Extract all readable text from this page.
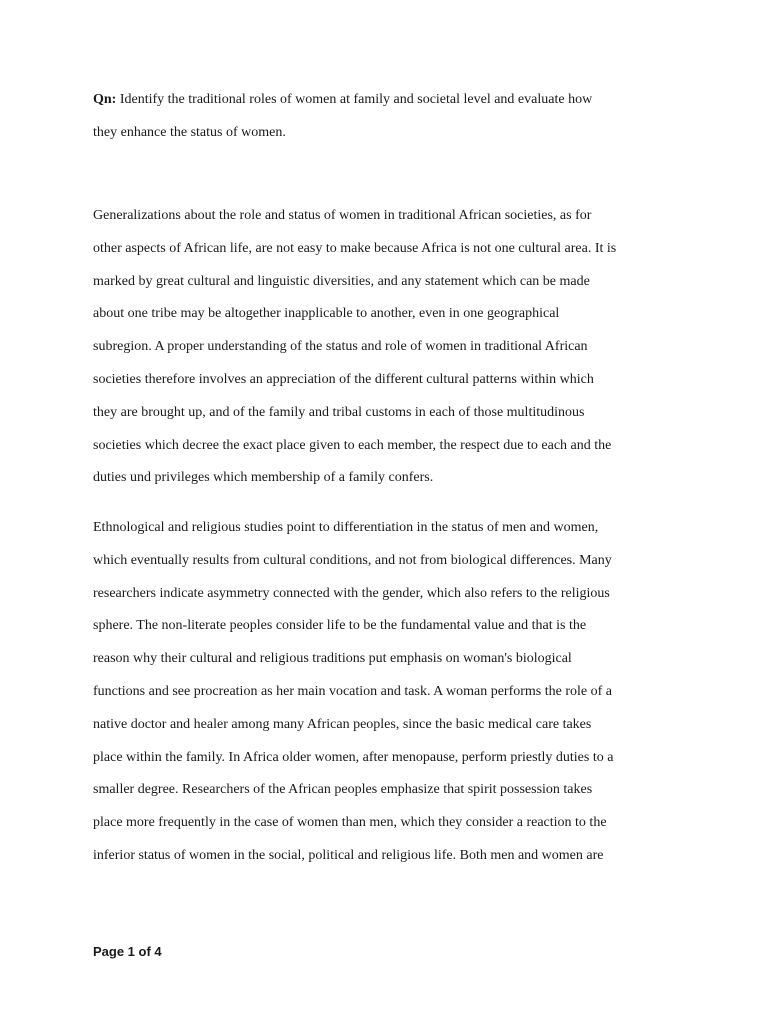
Qn: Identify the traditional roles of women at family and societal level and evaluate how
they enhance the status of women.

Generalizations about the role and status of women in traditional African societies, as for
other aspects of African life, are not easy to make because Africa is not one cultural area. It is
marked by great cultural and linguistic diversities, and any statement which can be made
about one tribe may be altogether inapplicable to another, even in one geographical
subregion. A proper understanding of the status and role of women in traditional African
societies therefore involves an appreciation of the different cultural patterns within which
they are brought up, and of the family and tribal customs in each of those multitudinous
societies which decree the exact place given to each member, the respect due to each and the
duties und privileges which membership of a family confers.

Ethnological and religious studies point to differentiation in the status of men and women,
which eventually results from cultural conditions, and not from biological differences. Many
researchers indicate asymmetry connected with the gender, which also refers to the religious
sphere. The non-literate peoples consider life to be the fundamental value and that is the
reason why their cultural and religious traditions put emphasis on woman's biological
functions and see procreation as her main vocation and task. A woman performs the role of a
native doctor and healer among many African peoples, since the basic medical care takes
place within the family. In Africa older women, after menopause, perform priestly duties to a
smaller degree. Researchers of the African peoples emphasize that spirit possession takes
place more frequently in the case of women than men, which they consider a reaction to the
inferior status of women in the social, political and religious life. Both men and women are

Page 1 of 4
